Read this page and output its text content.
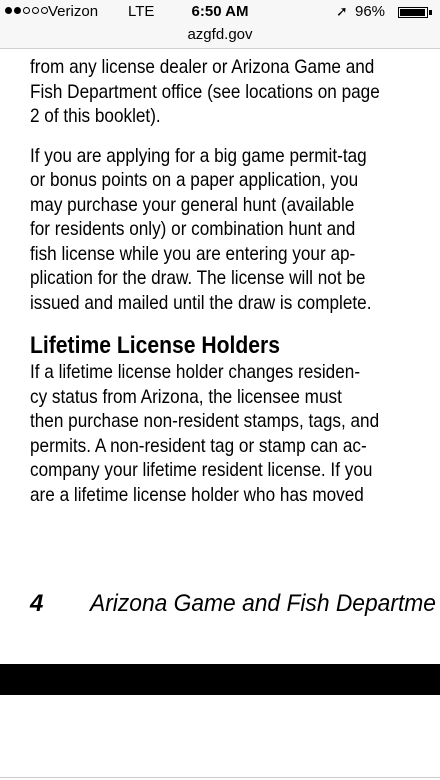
Verizon LTE	6:50 AM	➚ 96%
azgfd.gov

from any license dealer or Arizona Game and

Fish Department office (see locations on page

2 of this booklet).

If you are applying for a big game permit-tag

or bonus points on a paper application, you

may purchase your general hunt (available

for residents only) or combination hunt and

fish license while you are entering your ap-

plication for the draw. The license will not be

issued and mailed until the draw is complete.

Lifetime License Holders

If a lifetime license holder changes residen-

cy status from Arizona, the licensee must

then purchase non-resident stamps, tags, and

permits. A non-resident tag or stamp can ac-

company your lifetime resident license. If you

are a lifetime license holder who has moved

4 Arizona Game and Fish Departme
